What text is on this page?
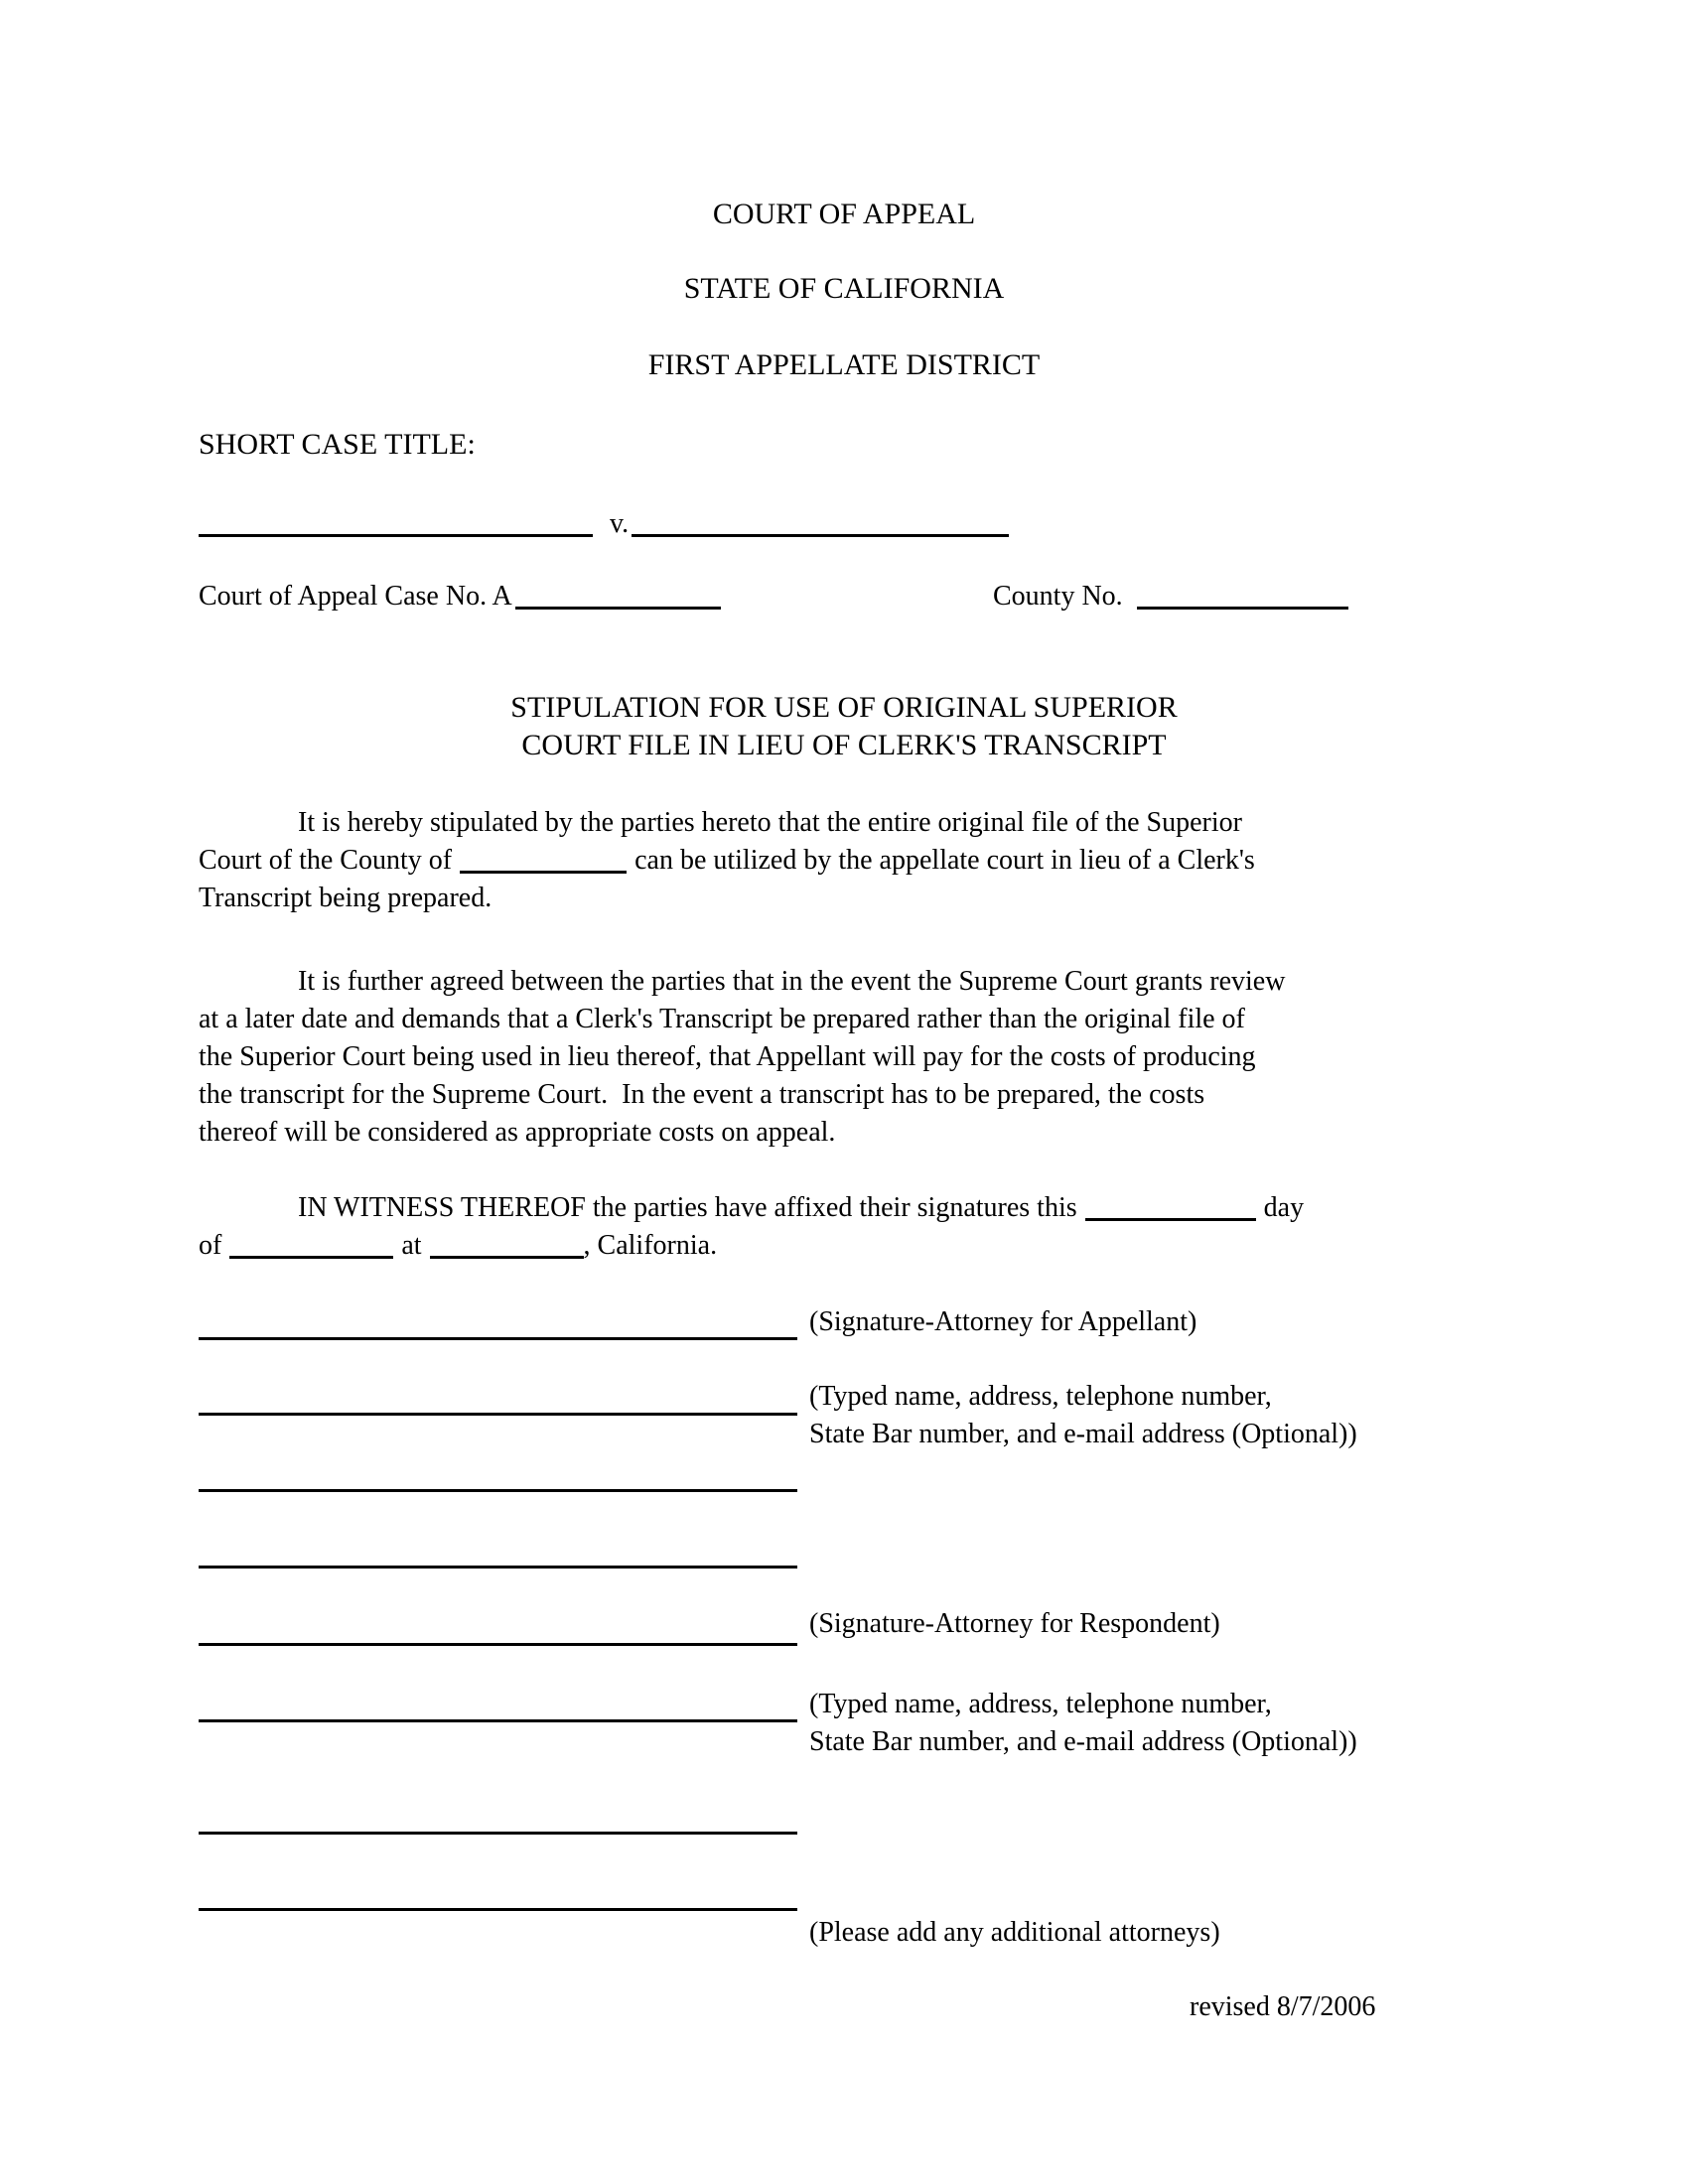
COURT OF APPEAL
STATE OF CALIFORNIA
FIRST APPELLATE DISTRICT
SHORT CASE TITLE:
v.
Court of Appeal Case No. A	County No.
STIPULATION FOR USE OF ORIGINAL SUPERIOR
COURT FILE IN LIEU OF CLERK'S TRANSCRIPT
It is hereby stipulated by the parties hereto that the entire original file of the Superior
Court of the County of	can be utilized by the appellate court in lieu of a Clerk's
Transcript being prepared.
It is further agreed between the parties that in the event the Supreme Court grants review
at a later date and demands that a Clerk's Transcript be prepared rather than the original file of
the Superior Court being used in lieu thereof, that Appellant will pay for the costs of producing
the transcript for the Supreme Court.  In the event a transcript has to be prepared, the costs
thereof will be considered as appropriate costs on appeal.
IN WITNESS THEREOF the parties have affixed their signatures this	day
of	at	, California.
(Signature-Attorney for Appellant)
(Typed name, address, telephone number,
State Bar number, and e-mail address (Optional))
(Signature-Attorney for Respondent)
(Typed name, address, telephone number,
State Bar number, and e-mail address (Optional))
(Please add any additional attorneys)
revised 8/7/2006
